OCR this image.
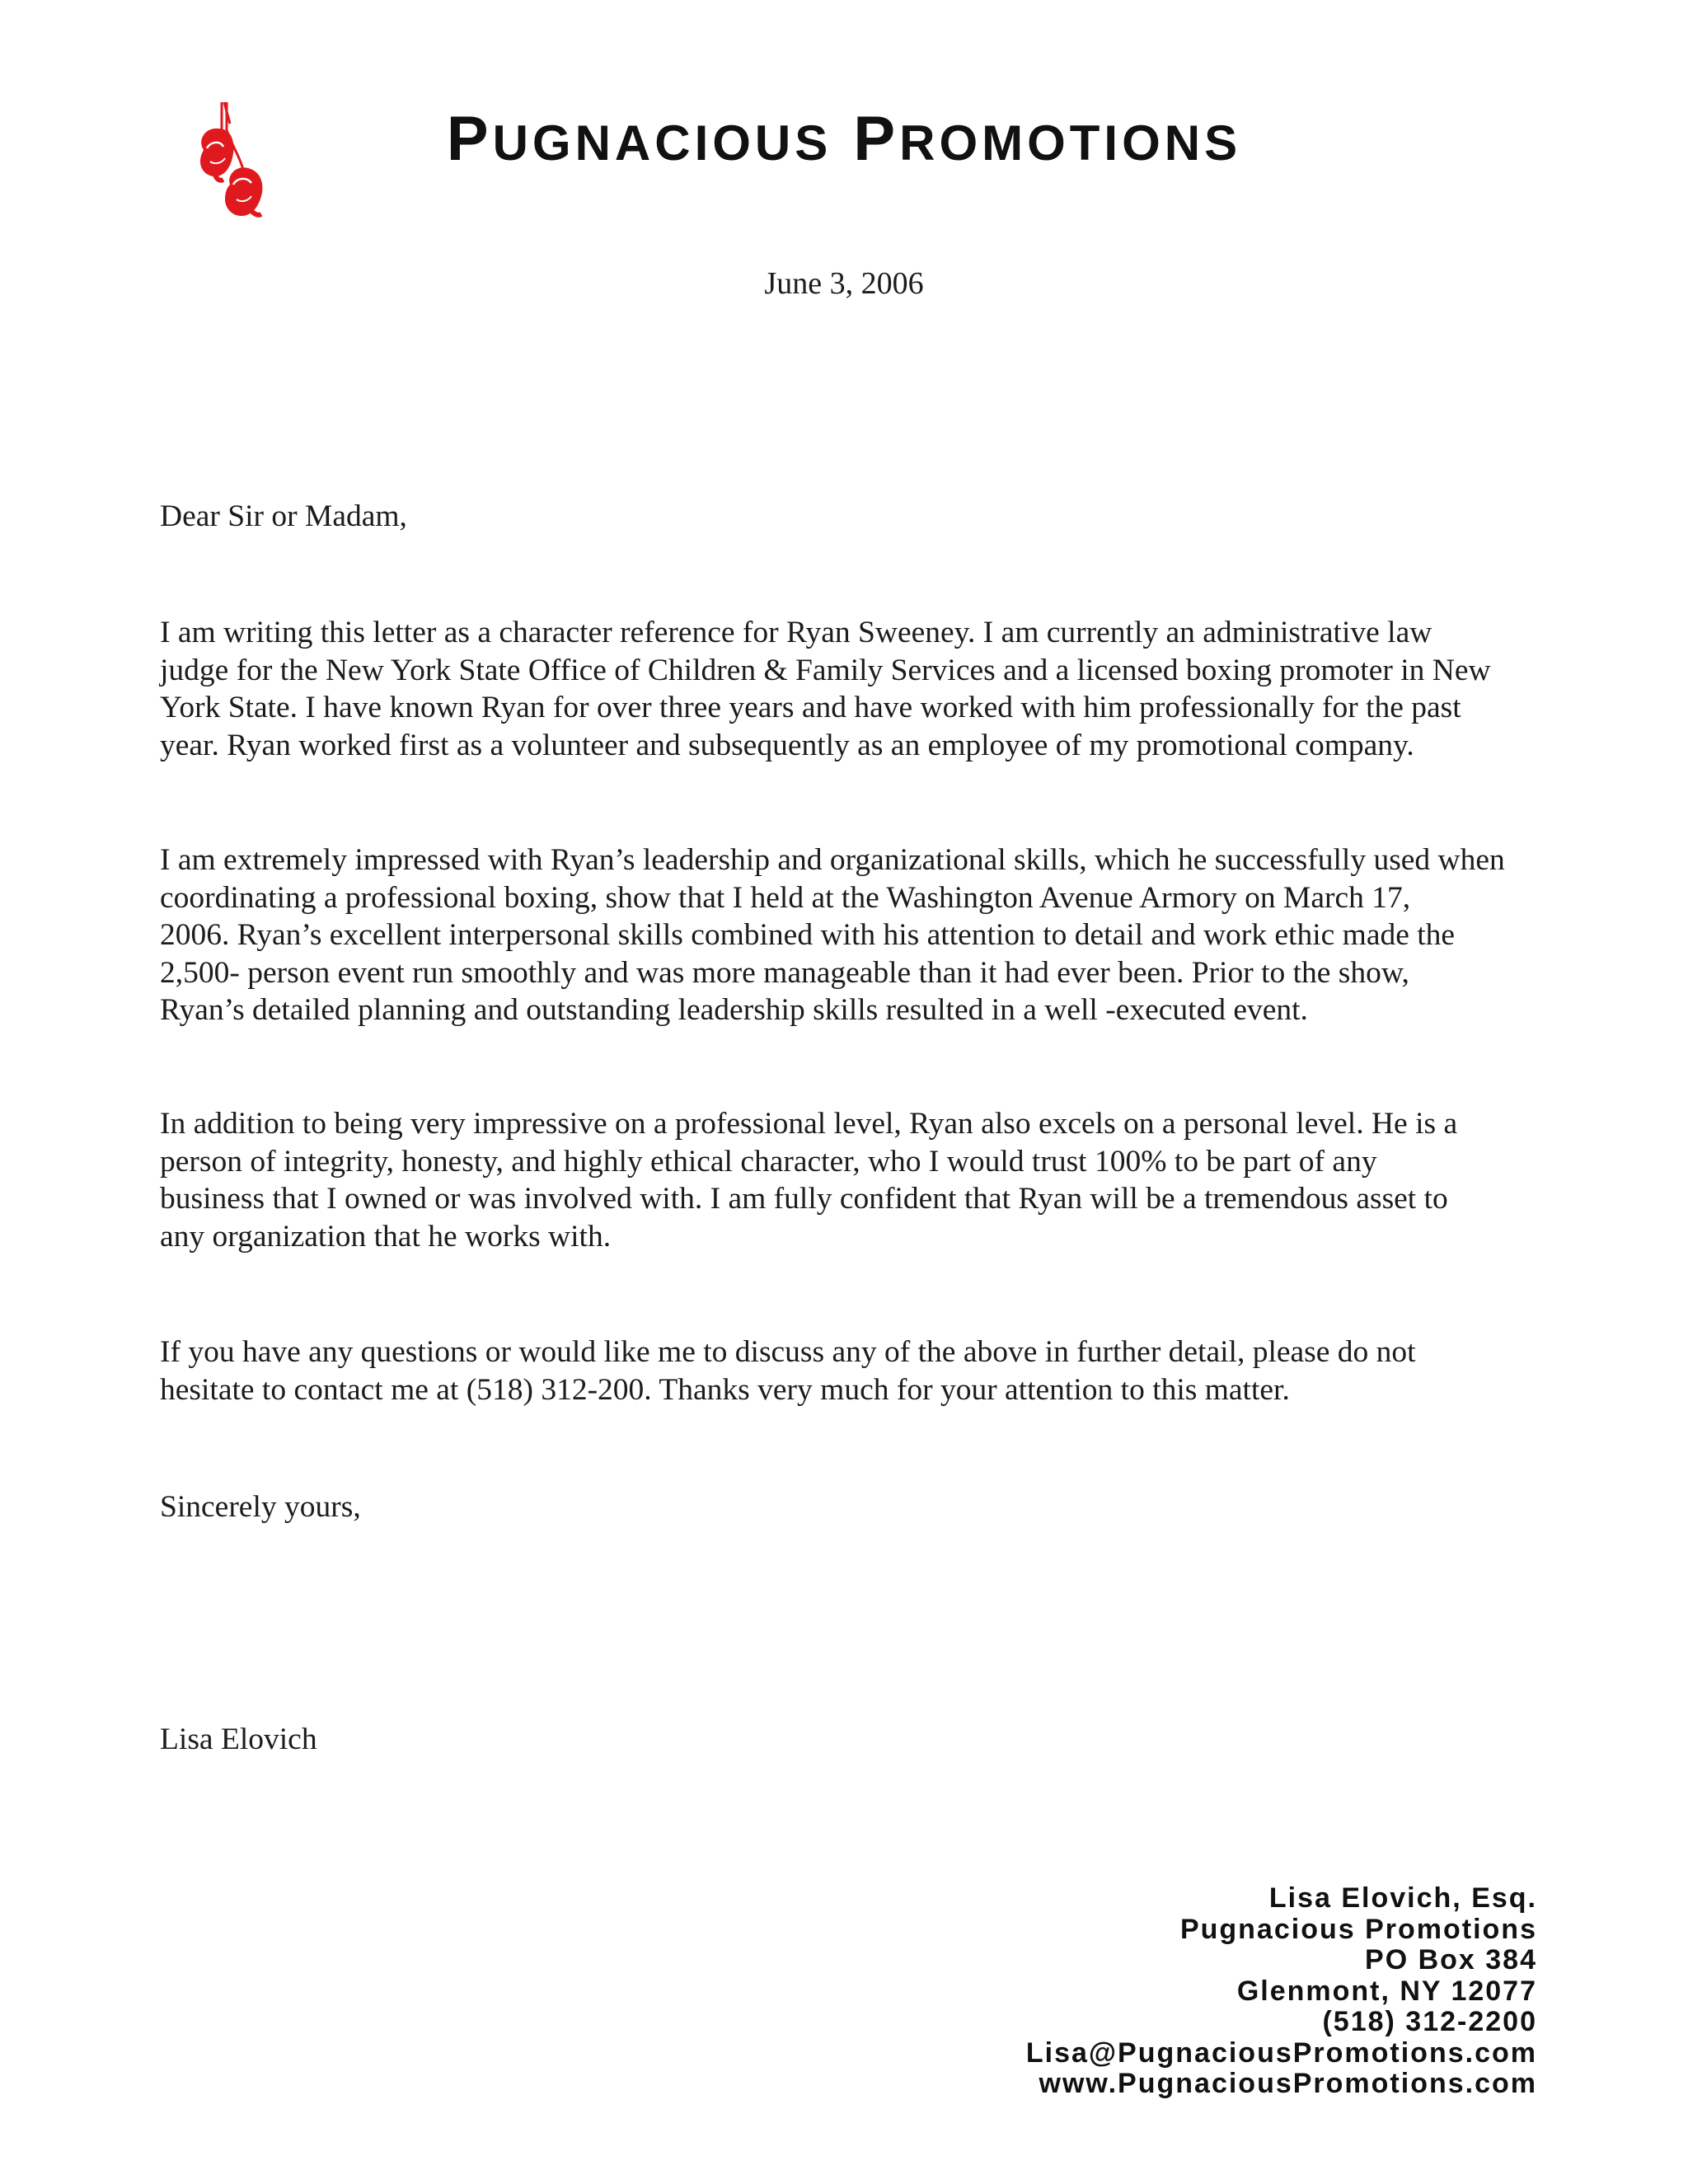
PUGNACIOUS PROMOTIONS
June 3, 2006
Dear Sir or Madam,
I am writing this letter as a character reference for Ryan Sweeney. I am currently an administrative law
judge for the New York State Office of Children & Family Services and a licensed boxing promoter in New
York State. I have known Ryan for over three years and have worked with him professionally for the past
year. Ryan worked first as a volunteer and subsequently as an employee of my promotional company.
I am extremely impressed with Ryan’s leadership and organizational skills, which he successfully used when
coordinating a professional boxing, show that I held at the Washington Avenue Armory on March 17,
2006. Ryan’s excellent interpersonal skills combined with his attention to detail and work ethic made the
2,500- person event run smoothly and was more manageable than it had ever been. Prior to the show,
Ryan’s detailed planning and outstanding leadership skills resulted in a well -executed event.
In addition to being very impressive on a professional level, Ryan also excels on a personal level. He is a
person of integrity, honesty, and highly ethical character, who I would trust 100% to be part of any
business that I owned or was involved with. I am fully confident that Ryan will be a tremendous asset to
any organization that he works with.
If you have any questions or would like me to discuss any of the above in further detail, please do not
hesitate to contact me at (518) 312-200. Thanks very much for your attention to this matter.
Sincerely yours,
Lisa Elovich
Lisa Elovich, Esq.
Pugnacious Promotions
PO Box 384
Glenmont, NY 12077
(518) 312-2200
Lisa@PugnaciousPromotions.com
www.PugnaciousPromotions.com
